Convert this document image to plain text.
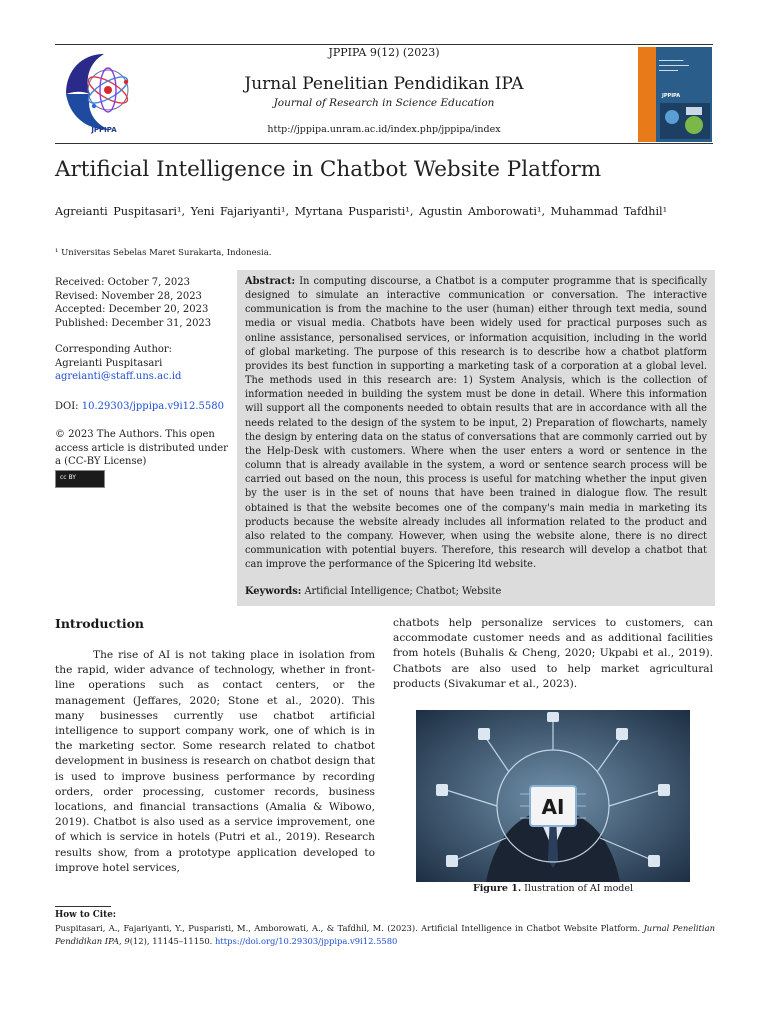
JPPIPA
JPPIPA 9(12) (2023)
Jurnal Penelitian Pendidikan IPA
Journal of Research in Science Education
http://jppipa.unram.ac.id/index.php/jppipa/index
━━━━━━━━━
━━━━━━━━━━━
━━━━━━━
JPPIPA
Artificial Intelligence in Chatbot Website Platform
Agreianti Puspitasari¹, Yeni Fajariyanti¹, Myrtana Pusparisti¹, Agustin Amborowati¹, Muhammad Tafdhil¹
¹ Universitas Sebelas Maret Surakarta, Indonesia.
Received: October 7, 2023
Revised: November 28, 2023
Accepted: December 20, 2023
Published: December 31, 2023
Corresponding Author:
Agreianti Puspitasari
agreianti@staff.uns.ac.id
DOI: 10.29303/jppipa.v9i12.5580
© 2023 The Authors. This open access article is distributed under a (CC-BY License)
cc BY
Abstract: In computing discourse, a Chatbot is a computer programme that is specifically designed to simulate an interactive communication or conversation. The interactive communication is from the machine to the user (human) either through text media, sound media or visual media. Chatbots have been widely used for practical purposes such as online assistance, personalised services, or information acquisition, including in the world of global marketing. The purpose of this research is to describe how a chatbot platform provides its best function in supporting a marketing task of a corporation at a global level. The methods used in this research are: 1) System Analysis, which is the collection of information needed in building the system must be done in detail. Where this information will support all the components needed to obtain results that are in accordance with all the needs related to the design of the system to be input, 2) Preparation of flowcharts, namely the design by entering data on the status of conversations that are commonly carried out by the Help-Desk with customers. Where when the user enters a word or sentence in the column that is already available in the system, a word or sentence search process will be carried out based on the noun, this process is useful for matching whether the input given by the user is in the set of nouns that have been trained in dialogue flow. The result obtained is that the website becomes one of the company's main media in marketing its products because the website already includes all information related to the product and also related to the company. However, when using the website alone, there is no direct communication with potential buyers. Therefore, this research will develop a chatbot that can improve the performance of the Spicering ltd website.
Keywords: Artificial Intelligence; Chatbot; Website
Introduction
The rise of AI is not taking place in isolation from the rapid, wider advance of technology, whether in front-line operations such as contact centers, or the management (Jeffares, 2020; Stone et al., 2020). This many businesses currently use chatbot artificial intelligence to support company work, one of which is in the marketing sector. Some research related to chatbot development in business is research on chatbot design that is used to improve business performance by recording orders, order processing, customer records, business locations, and financial transactions (Amalia & Wibowo, 2019). Chatbot is also used as a service improvement, one of which is service in hotels (Putri et al., 2019). Research results show, from a prototype application developed to improve hotel services,
chatbots help personalize services to customers, can accommodate customer needs and as additional facilities from hotels (Buhalis & Cheng, 2020; Ukpabi et al., 2019). Chatbots are also used to help market agricultural products (Sivakumar et al., 2023).
AI
Figure 1. Ilustration of AI model
How to Cite:
Puspitasari, A., Fajariyanti, Y., Pusparisti, M., Amborowati, A., & Tafdhil, M. (2023). Artificial Intelligence in Chatbot Website Platform. Jurnal Penelitian Pendidikan IPA, 9(12), 11145–11150. https://doi.org/10.29303/jppipa.v9i12.5580
